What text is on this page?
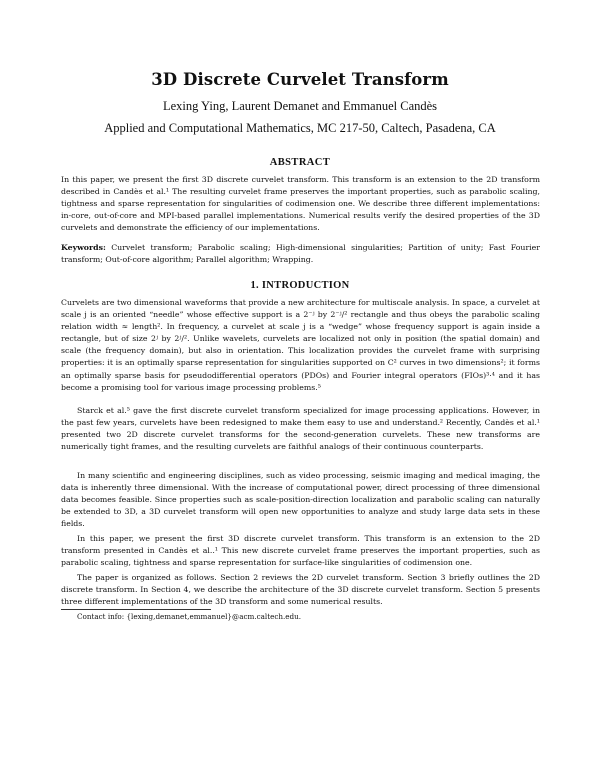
3D Discrete Curvelet Transform
Lexing Ying, Laurent Demanet and Emmanuel Candès
Applied and Computational Mathematics, MC 217-50, Caltech, Pasadena, CA
ABSTRACT

In this paper, we present the first 3D discrete curvelet transform. This transform is an extension to the 2D transform described in Candès et al.¹ The resulting curvelet frame preserves the important properties, such as parabolic scaling, tightness and sparse representation for singularities of codimension one. We describe three different implementations: in-core, out-of-core and MPI-based parallel implementations. Numerical results verify the desired properties of the 3D curvelets and demonstrate the efficiency of our implementations.

Keywords: Curvelet transform; Parabolic scaling; High-dimensional singularities; Partition of unity; Fast Fourier transform; Out-of-core algorithm; Parallel algorithm; Wrapping.

1. INTRODUCTION

Curvelets are two dimensional waveforms that provide a new architecture for multiscale analysis. In space, a curvelet at scale j is an oriented “needle” whose effective support is a 2⁻ʲ by 2⁻ʲ/² rectangle and thus obeys the parabolic scaling relation width ≈ length². In frequency, a curvelet at scale j is a “wedge” whose frequency support is again inside a rectangle, but of size 2ʲ by 2ʲ/². Unlike wavelets, curvelets are localized not only in position (the spatial domain) and scale (the frequency domain), but also in orientation. This localization provides the curvelet frame with surprising properties: it is an optimally sparse representation for singularities supported on C² curves in two dimensions²; it forms an optimally sparse basis for pseudodifferential operators (PDOs) and Fourier integral operators (FIOs)³·⁴ and it has become a promising tool for various image processing problems.⁵

Starck et al.⁵ gave the first discrete curvelet transform specialized for image processing applications. However, in the past few years, curvelets have been redesigned to make them easy to use and understand.² Recently, Candès et al.¹ presented two 2D discrete curvelet transforms for the second-generation curvelets. These new transforms are numerically tight frames, and the resulting curvelets are faithful analogs of their continuous counterparts.

In many scientific and engineering disciplines, such as video processing, seismic imaging and medical imaging, the data is inherently three dimensional. With the increase of computational power, direct processing of three dimensional data becomes feasible. Since properties such as scale-position-direction localization and parabolic scaling can naturally be extended to 3D, a 3D curvelet transform will open new opportunities to analyze and study large data sets in these fields.

In this paper, we present the first 3D discrete curvelet transform. This transform is an extension to the 2D transform presented in Candès et al..¹ This new discrete curvelet frame preserves the important properties, such as parabolic scaling, tightness and sparse representation for surface-like singularities of codimension one.

The paper is organized as follows. Section 2 reviews the 2D curvelet transform. Section 3 briefly outlines the 2D discrete transform. In Section 4, we describe the architecture of the 3D discrete curvelet transform. Section 5 presents three different implementations of the 3D transform and some numerical results.

Contact info: {lexing,demanet,emmanuel}@acm.caltech.edu.
